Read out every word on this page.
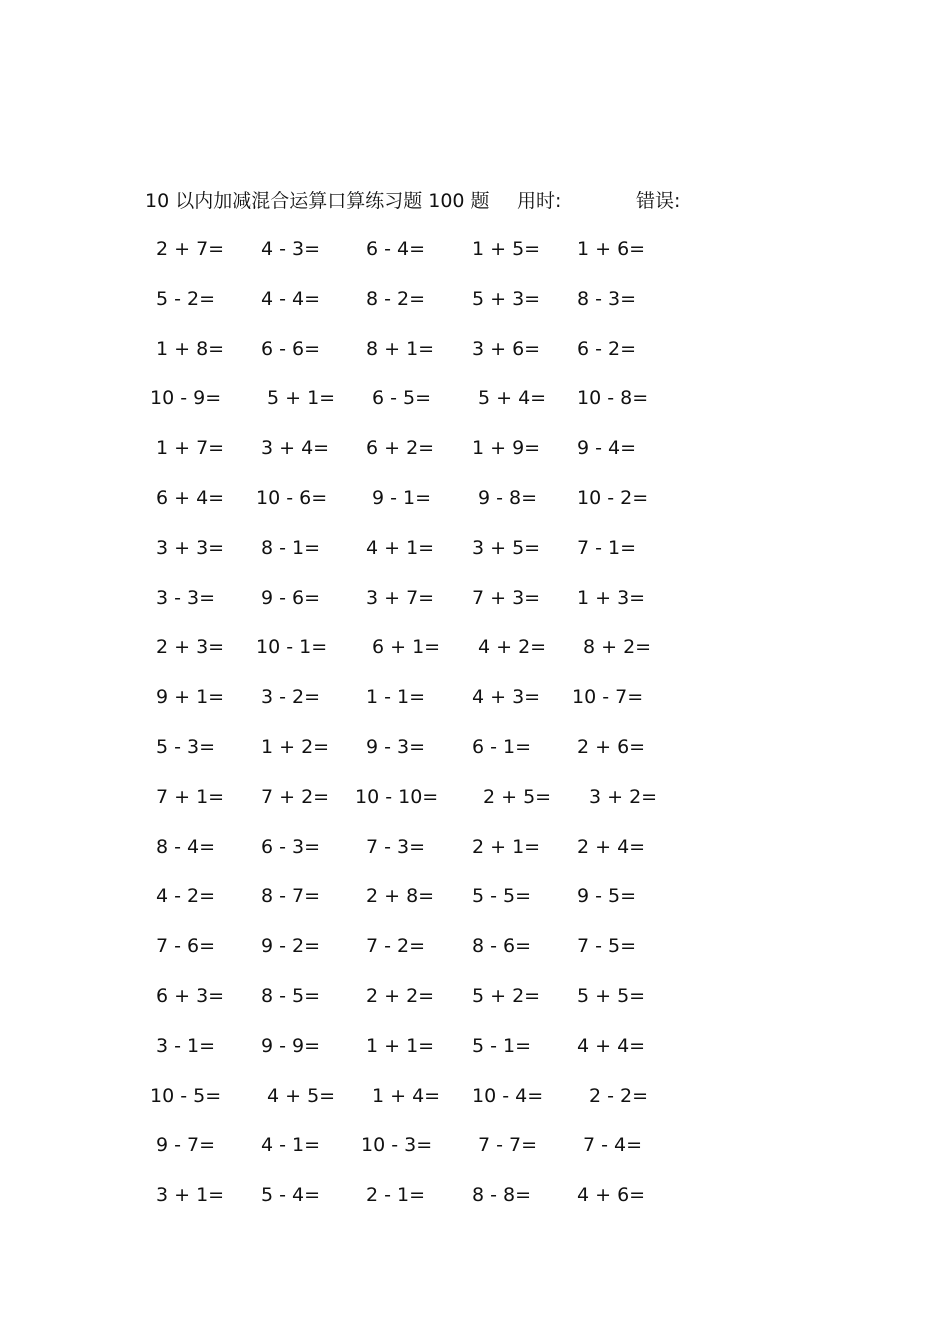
10 以内加减混合运算口算练习题 100 题 用时:	错误:
2 + 7=	4 - 3=	6 - 4=	1 + 5=	1 + 6=
5 - 2=	4 - 4=	8 - 2=	5 + 3=	8 - 3=
1 + 8=	6 - 6=	8 + 1=	3 + 6=	6 - 2=
10 - 9=	5 + 1=	6 - 5=	5 + 4=	10 - 8=
1 + 7=	3 + 4=	6 + 2=	1 + 9=	9 - 4=
6 + 4=	10 - 6=	9 - 1=	9 - 8=	10 - 2=
3 + 3=	8 - 1=	4 + 1=	3 + 5=	7 - 1=
3 - 3=	9 - 6=	3 + 7=	7 + 3=	1 + 3=
2 + 3=	10 - 1=	6 + 1=	4 + 2=	8 + 2=
9 + 1=	3 - 2=	1 - 1=	4 + 3=	10 - 7=
5 - 3=	1 + 2=	9 - 3=	6 - 1=	2 + 6=
7 + 1=	7 + 2=	10 - 10=	2 + 5=	3 + 2=
8 - 4=	6 - 3=	7 - 3=	2 + 1=	2 + 4=
4 - 2=	8 - 7=	2 + 8=	5 - 5=	9 - 5=
7 - 6=	9 - 2=	7 - 2=	8 - 6=	7 - 5=
6 + 3=	8 - 5=	2 + 2=	5 + 2=	5 + 5=
3 - 1=	9 - 9=	1 + 1=	5 - 1=	4 + 4=
10 - 5=	4 + 5=	1 + 4=	10 - 4=	2 - 2=
9 - 7=	4 - 1=	10 - 3=	7 - 7=	7 - 4=
3 + 1=	5 - 4=	2 - 1=	8 - 8=	4 + 6=
